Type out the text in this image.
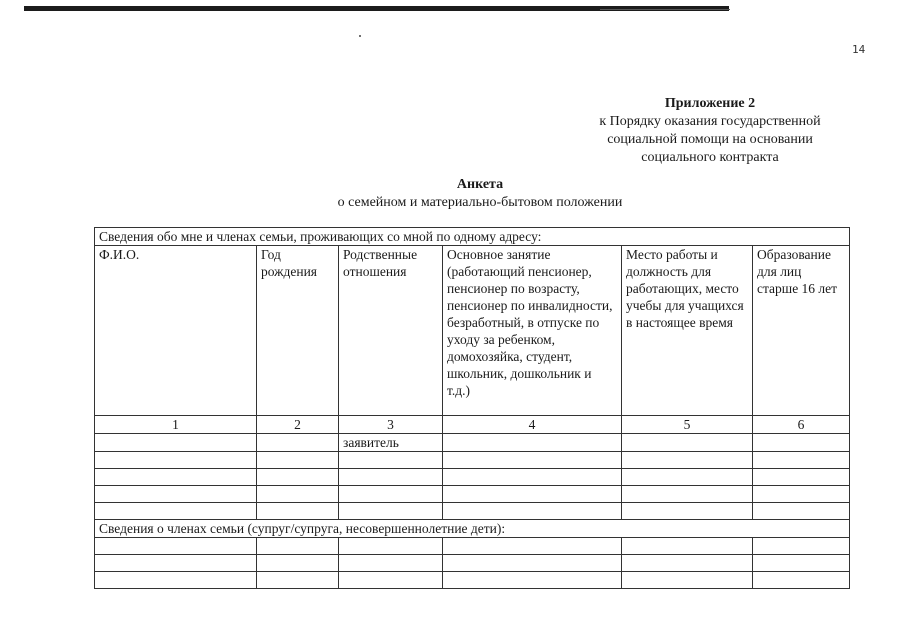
14
Приложение 2
к Порядку оказания государственной
социальной помощи на основании
социального контракта
Анкета
о семейном и материально-бытовом положении
Сведения обо мне и членах семьи, проживающих со мной по одному адресу:					
Ф.И.О.	Год рождения	Родственные отношения	Основное занятие (работающий пенсионер, пенсионер по возрасту, пенсионер по инвалидности, безработный, в отпуске по уходу за ребенком, домохозяйка, студент, школьник, дошкольник и т.д.)	Место работы и должность для работающих, место учебы для учащихся в настоящее время	Образование для лиц старше 16 лет
1	2	3	4	5	6
		заявитель			

Сведения о членах семьи (супруг/супруга, несовершеннолетние дети):					
